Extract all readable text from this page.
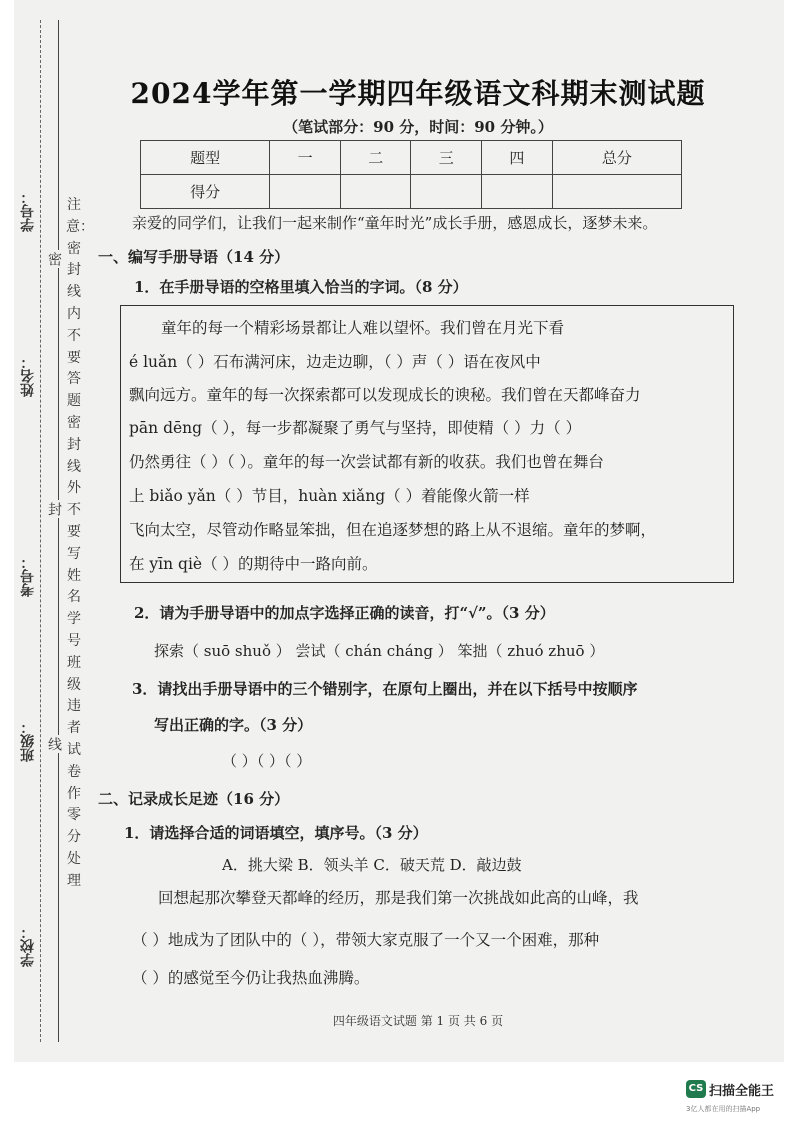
学号：
姓名：
考号：
班级：
学校：
密
封
线
注意：密封线内不要答题 密封线外不要写姓名 学号 班级违者试卷作零分处理
2024学年第一学期四年级语文科期末测试题
（笔试部分：90 分，时间：90 分钟。）
题型	一	二	三	四	总分
得分					
亲爱的同学们，让我们一起来制作“童年时光”成长手册，感恩成长，逐梦未来。
一、编写手册导语（14 分）
1．在手册导语的空格里填入恰当的字词。（8 分）
童年的每一个精彩场景都让人难以望怀。我们曾在月光下看
é luǎn（ ）石布满河床，边走边聊，（ ）声（ ）语在夜风中
飘向远方。童年的每一次探索都可以发现成长的谀秘。我们曾在天都峰奋力
pān dēng（ ），每一步都凝聚了勇气与坚持，即使精（ ）力（ ）
仍然勇往（ ）（ ）。童年的每一次尝试都有新的收获。我们也曾在舞台
上 biǎo yǎn（ ）节目，huàn xiǎng（ ）着能像火箭一样
飞向太空，尽管动作略显笨拙，但在追逐梦想的路上从不退缩。童年的梦啊，
在 yīn qiè（ ）的期待中一路向前。
2．请为手册导语中的加点字选择正确的读音，打“√”。（3 分）
探索（ suō shuǒ ） 尝试（ chán cháng ） 笨拙（ zhuó zhuō ）
3．请找出手册导语中的三个错别字，在原句上圈出，并在以下括号中按顺序
写出正确的字。（3 分）
（ ）（ ）（ ）
二、记录成长足迹（16 分）
1．请选择合适的词语填空，填序号。（3 分）
A．挑大梁 B．领头羊 C．破天荒 D．敲边鼓
回想起那次攀登天都峰的经历，那是我们第一次挑战如此高的山峰，我
（ ）地成为了团队中的（ ），带领大家克服了一个又一个困难，那种
（ ）的感觉至今仍让我热血沸腾。
四年级语文试题 第 1 页 共 6 页
CS 扫描全能王
3亿人都在用的扫描App
